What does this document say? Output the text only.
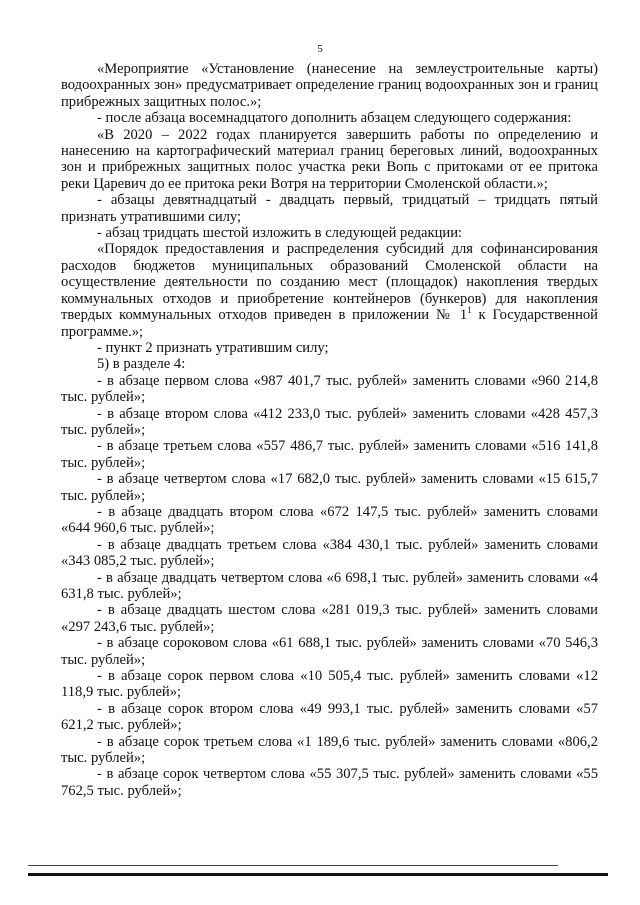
5

«Мероприятие «Установление (нанесение на землеустроительные карты) водоохранных зон» предусматривает определение границ водоохранных зон и границ прибрежных защитных полос.»;

- после абзаца восемнадцатого дополнить абзацем следующего содержания:

«В 2020 – 2022 годах планируется завершить работы по определению и нанесению на картографический материал границ береговых линий, водоохранных зон и прибрежных защитных полос участка реки Вопь с притоками от ее притока реки Царевич до ее притока реки Вотря на территории Смоленской области.»;

- абзацы девятнадцатый - двадцать первый, тридцатый – тридцать пятый признать утратившими силу;

- абзац тридцать шестой изложить в следующей редакции:

«Порядок предоставления и распределения субсидий для софинансирования расходов бюджетов муниципальных образований Смоленской области на осуществление деятельности по созданию мест (площадок) накопления твердых коммунальных отходов и приобретение контейнеров (бункеров) для накопления твердых коммунальных отходов приведен в приложении № $1^1$ к Государственной программе.»;

- пункт 2 признать утратившим силу;

5) в разделе 4:

- в абзаце первом слова «987 401,7 тыс. рублей» заменить словами «960 214,8 тыс. рублей»;

- в абзаце втором слова «412 233,0 тыс. рублей» заменить словами «428 457,3 тыс. рублей»;

- в абзаце третьем слова «557 486,7 тыс. рублей» заменить словами «516 141,8 тыс. рублей»;

- в абзаце четвертом слова «17 682,0 тыс. рублей» заменить словами «15 615,7 тыс. рублей»;

- в абзаце двадцать втором слова «672 147,5 тыс. рублей» заменить словами «644 960,6 тыс. рублей»;

- в абзаце двадцать третьем слова «384 430,1 тыс. рублей» заменить словами «343 085,2 тыс. рублей»;

- в абзаце двадцать четвертом слова «6 698,1 тыс. рублей» заменить словами «4 631,8 тыс. рублей»;

- в абзаце двадцать шестом слова «281 019,3 тыс. рублей» заменить словами «297 243,6 тыс. рублей»;

- в абзаце сороковом слова «61 688,1 тыс. рублей» заменить словами «70 546,3 тыс. рублей»;

- в абзаце сорок первом слова «10 505,4 тыс. рублей» заменить словами «12 118,9 тыс. рублей»;

- в абзаце сорок втором слова «49 993,1 тыс. рублей» заменить словами «57 621,2 тыс. рублей»;

- в абзаце сорок третьем слова «1 189,6 тыс. рублей» заменить словами «806,2 тыс. рублей»;

- в абзаце сорок четвертом слова «55 307,5 тыс. рублей» заменить словами «55 762,5 тыс. рублей»;
